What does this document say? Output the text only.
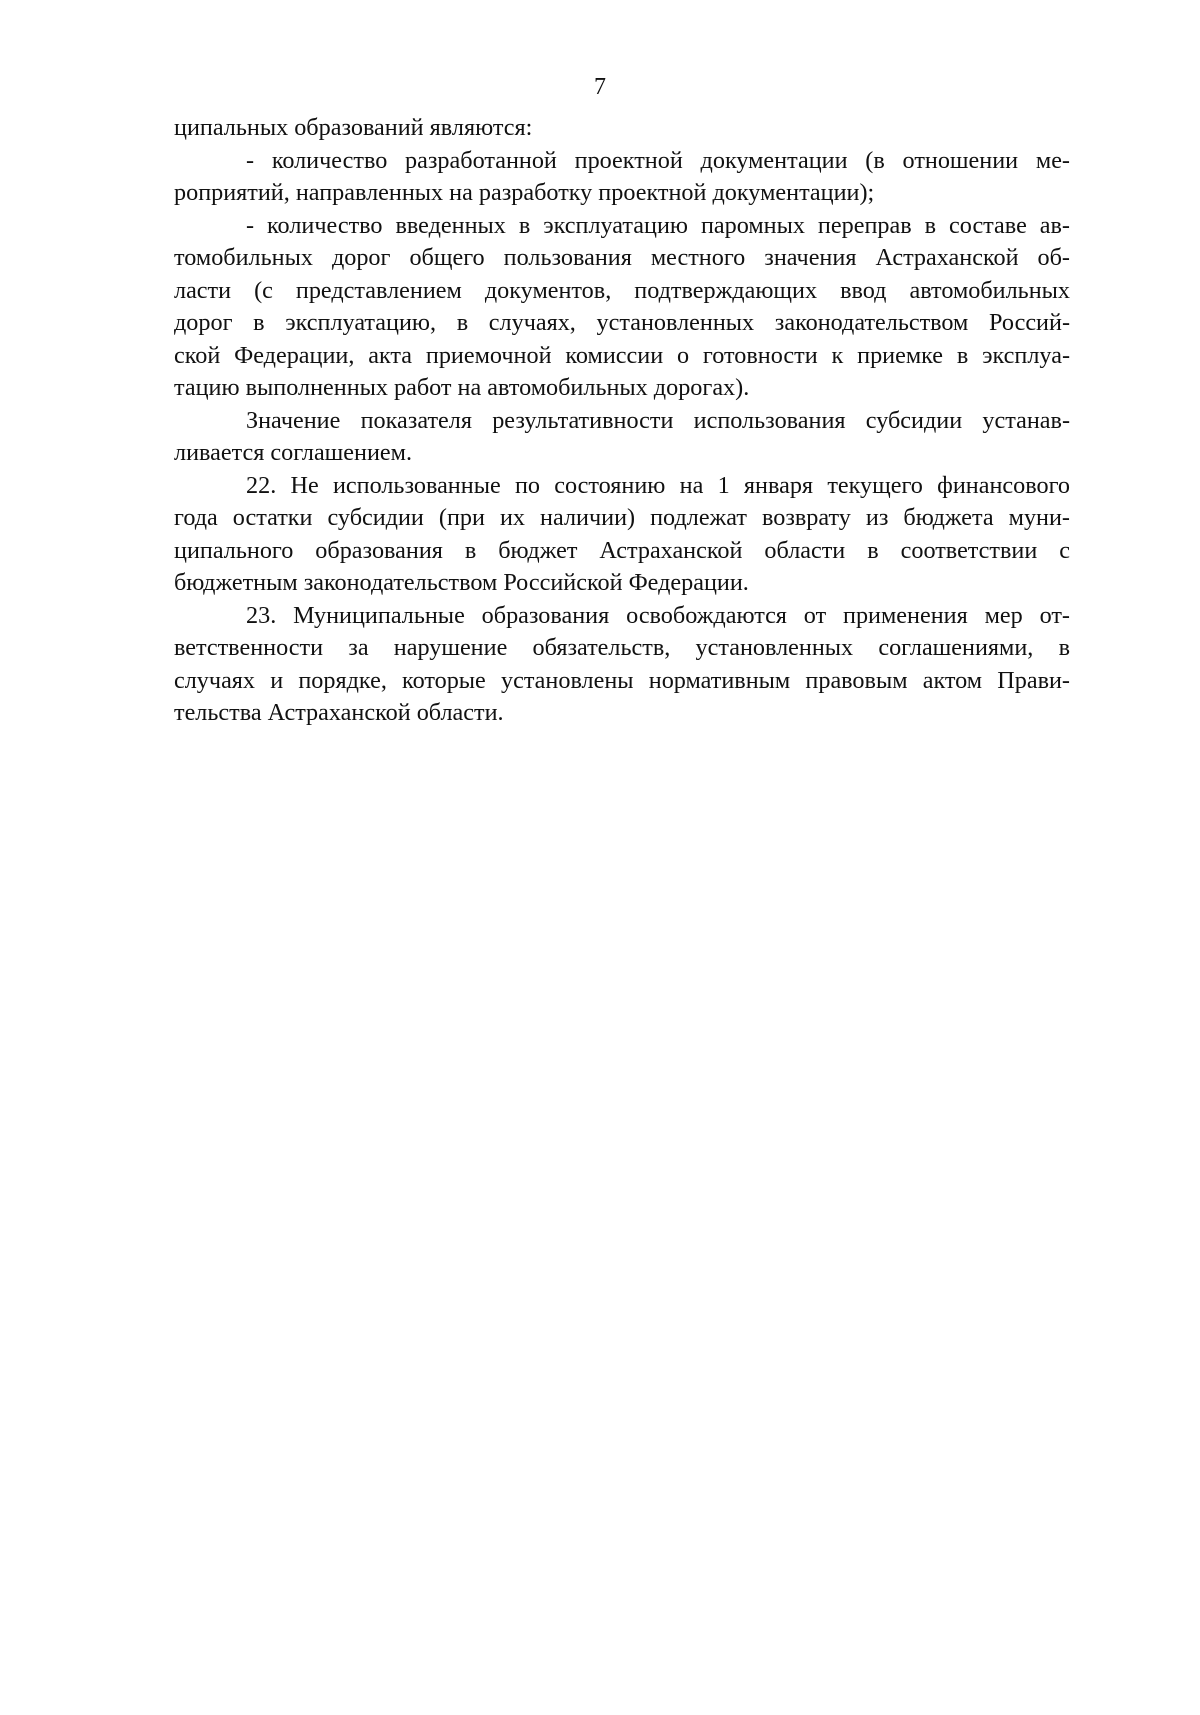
7
ципальных образований являются:
- количество разработанной проектной документации (в отношении ме-
роприятий, направленных на разработку проектной документации);
- количество введенных в эксплуатацию паромных переправ в составе ав-
томобильных дорог общего пользования местного значения Астраханской об-
ласти (с представлением документов, подтверждающих ввод автомобильных
дорог в эксплуатацию, в случаях, установленных законодательством Россий-
ской Федерации, акта приемочной комиссии о готовности к приемке в эксплуа-
тацию выполненных работ на автомобильных дорогах).
Значение показателя результативности использования субсидии устанав-
ливается соглашением.
22. Не использованные по состоянию на 1 января текущего финансового
года остатки субсидии (при их наличии) подлежат возврату из бюджета муни-
ципального образования в бюджет Астраханской области в соответствии с
бюджетным законодательством Российской Федерации.
23. Муниципальные образования освобождаются от применения мер от-
ветственности за нарушение обязательств, установленных соглашениями, в
случаях и порядке, которые установлены нормативным правовым актом Прави-
тельства Астраханской области.
